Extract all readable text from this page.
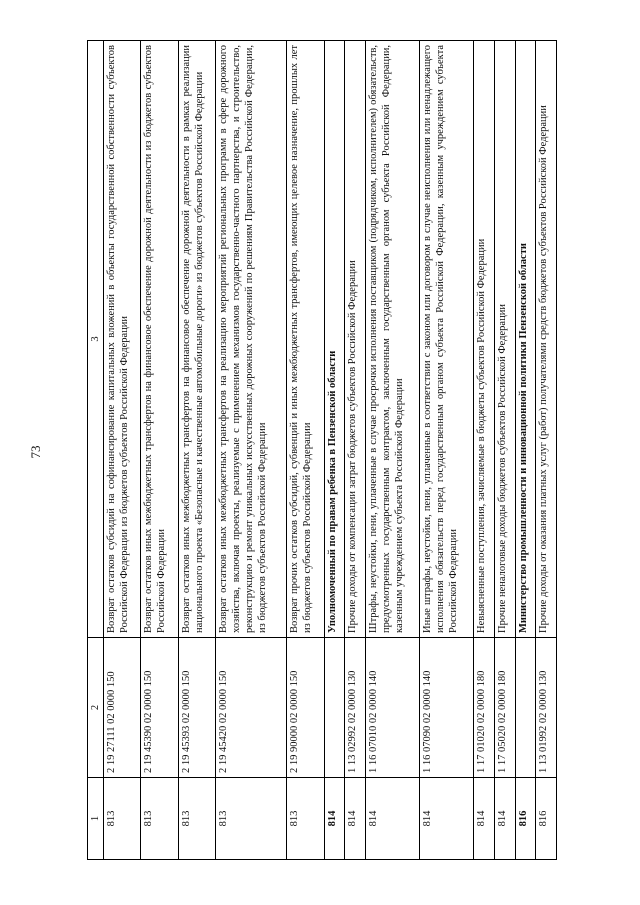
73
1	2	3
813	2 19 27111 02 0000 150	Возврат остатков субсидий на софинансирование капитальных вложений в объекты государственной собственности субъектов Российской Федерации из бюджетов субъектов Российской Федерации
813	2 19 45390 02 0000 150	Возврат остатков иных межбюджетных трансфертов на финансовое обеспечение дорожной деятельности из бюджетов субъектов Российской Федерации
813	2 19 45393 02 0000 150	Возврат остатков иных межбюджетных трансфертов на финансовое обеспечение дорожной деятельности в рамках реализации национального проекта «Безопасные и качественные автомобильные дороги» из бюджетов субъектов Российской Федерации
813	2 19 45420 02 0000 150	Возврат остатков иных межбюджетных трансфертов на реализацию мероприятий региональных программ в сфере дорожного хозяйства, включая проекты, реализуемые с применением механизмов государственно-частного партнерства, и строительство, реконструкцию и ремонт уникальных искусственных дорожных сооружений по решениям Правительства Российской Федерации, из бюджетов субъектов Российской Федерации
813	2 19 90000 02 0000 150	Возврат прочих остатков субсидий, субвенций и иных межбюджетных трансфертов, имеющих целевое назначение, прошлых лет из бюджетов субъектов Российской Федерации
814		Уполномоченный по правам ребенка в Пензенской области
814	1 13 02992 02 0000 130	Прочие доходы от компенсации затрат бюджетов субъектов Российской Федерации
814	1 16 07010 02 0000 140	Штрафы, неустойки, пени, уплаченные в случае просрочки исполнения поставщиком (подрядчиком, исполнителем) обязательств, предусмотренных государственным контрактом, заключенным государственным органом субъекта Российской Федерации, казенным учреждением субъекта Российской Федерации
814	1 16 07090 02 0000 140	Иные штрафы, неустойки, пени, уплаченные в соответствии с законом или договором в случае неисполнения или ненадлежащего исполнения обязательств перед государственным органом субъекта Российской Федерации, казенным учреждением субъекта Российской Федерации
814	1 17 01020 02 0000 180	Невыясненные поступления, зачисляемые в бюджеты субъектов Российской Федерации
814	1 17 05020 02 0000 180	Прочие неналоговые доходы бюджетов субъектов Российской Федерации
816		Министерство промышленности и инновационной политики Пензенской области
816	1 13 01992 02 0000 130	Прочие доходы от оказания платных услуг (работ) получателями средств бюджетов субъектов Российской Федерации
